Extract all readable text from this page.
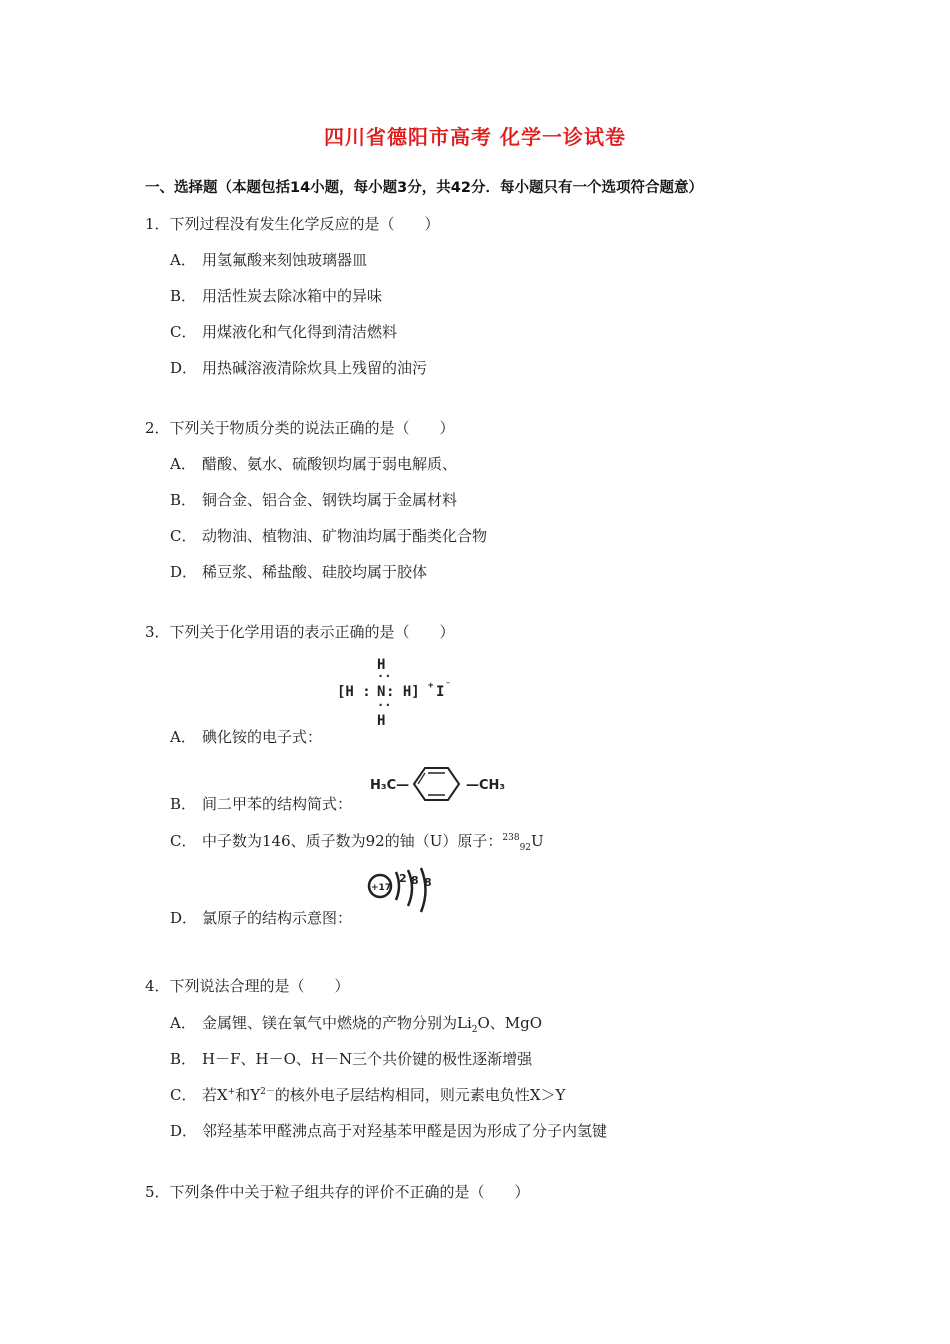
四川省德阳市高考 化学一诊试卷
一、选择题（本题包括14小题，每小题3分，共42分．每小题只有一个选项符合题意）
1．下列过程没有发生化学反应的是（　　）
A． 用氢氟酸来刻蚀玻璃器皿
B． 用活性炭去除冰箱中的异味
C． 用煤液化和气化得到清洁燃料
D． 用热碱溶液清除炊具上残留的油污
2．下列关于物质分类的说法正确的是（　　）
A． 醋酸、氨水、硫酸钡均属于弱电解质、
B． 铜合金、铝合金、钢铁均属于金属材料
C． 动物油、植物油、矿物油均属于酯类化合物
D． 稀豆浆、稀盐酸、硅胶均属于胶体
3．下列关于化学用语的表示正确的是（　　）
H
··
[H : N : H] + I ⁻
··
H
A． 碘化铵的电子式：
H₃C—	—CH₃
B． 间二甲苯的结构简式：
C． 中子数为146、质子数为92的铀（U）原子：$^{238}_{92}$U
+17
2 8 8
D． 氯原子的结构示意图：
4．下列说法合理的是（　　）
A． 金属锂、镁在氧气中燃烧的产物分别为$Li_2O$、MgO
B． H－F、H－O、H－N三个共价键的极性逐渐增强
C． 若X+和$Y^{2-}$的核外电子层结构相同，则元素电负性X＞Y
D． 邻羟基苯甲醛沸点高于对羟基苯甲醛是因为形成了分子内氢键
5．下列条件中关于粒子组共存的评价不正确的是（　　）
